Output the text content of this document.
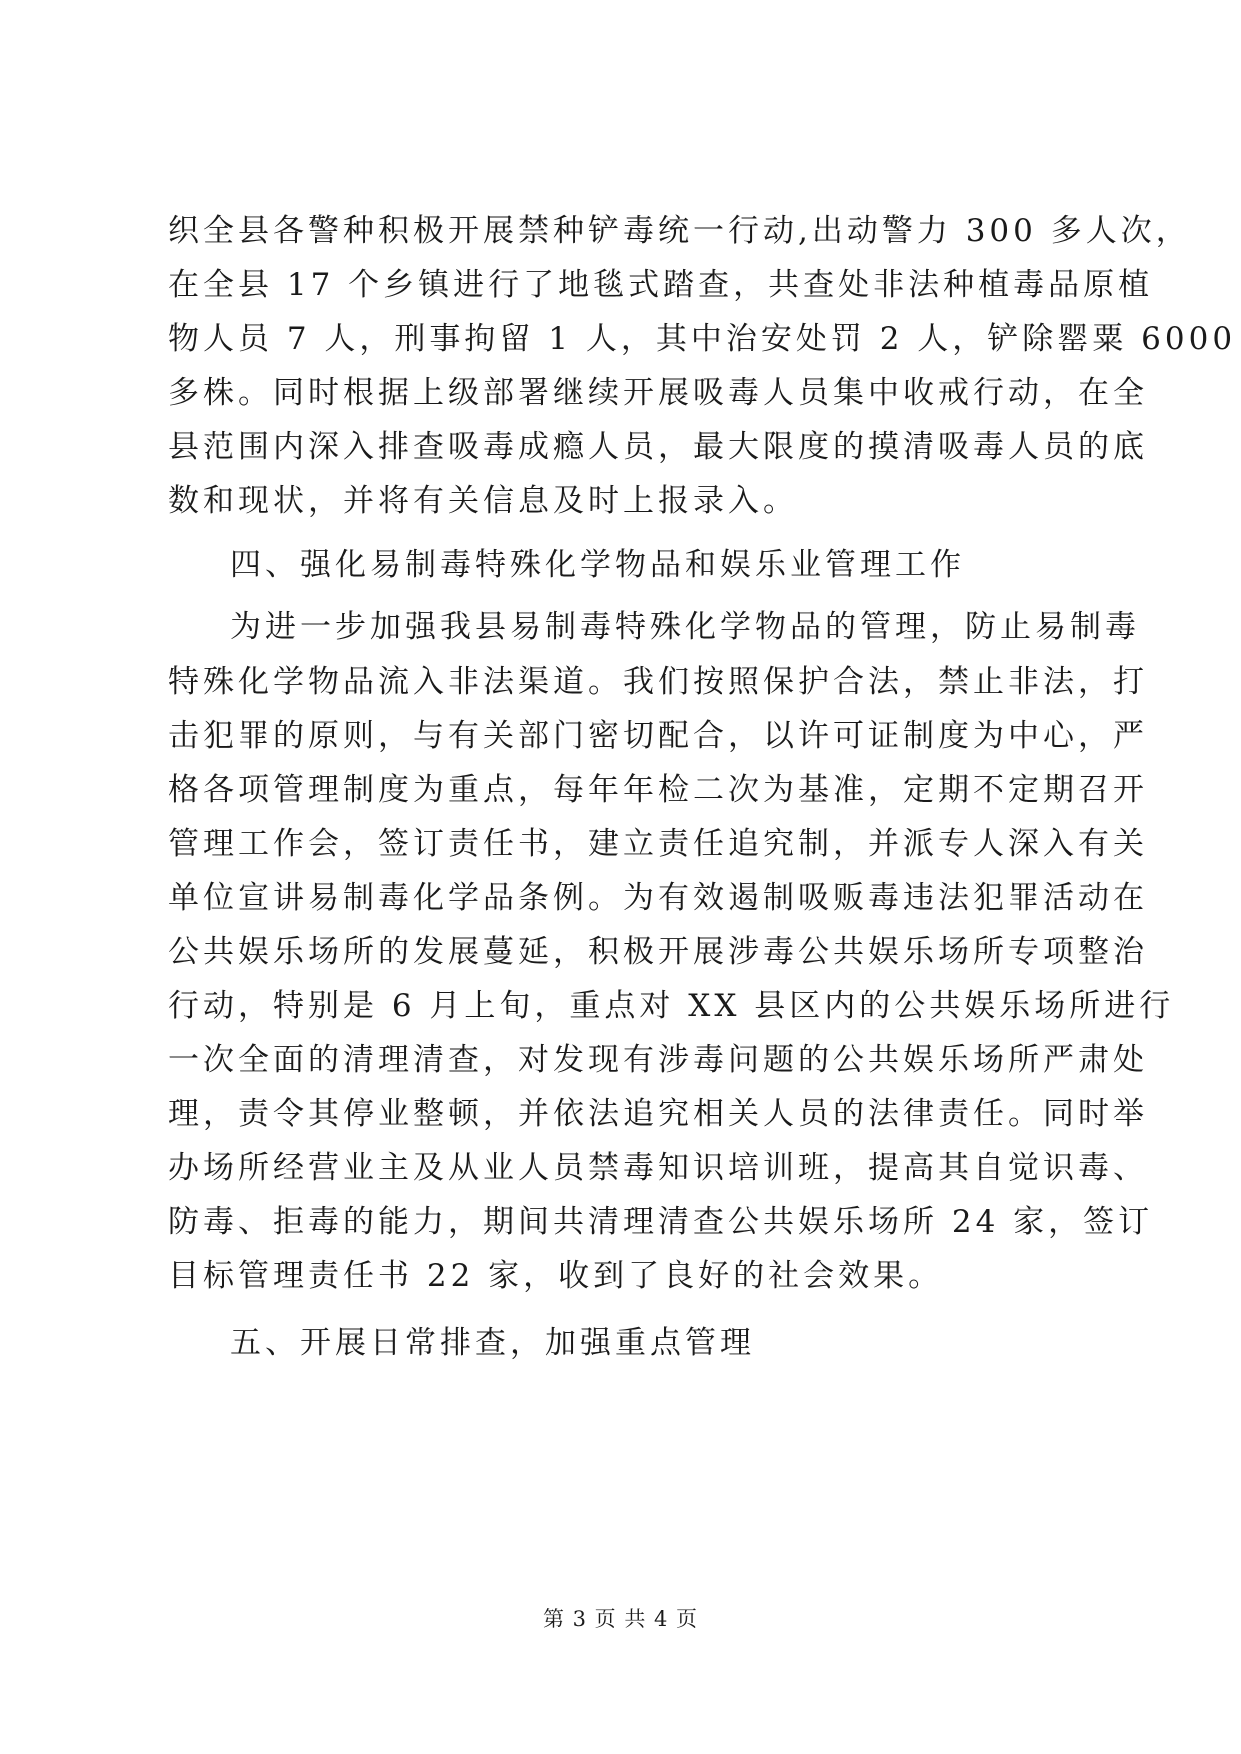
织全县各警种积极开展禁种铲毒统一行动,出动警力 300 多人次，
在全县 17 个乡镇进行了地毯式踏查，共查处非法种植毒品原植
物人员 7 人，刑事拘留 1 人，其中治安处罚 2 人，铲除罂粟 6000
多株。同时根据上级部署继续开展吸毒人员集中收戒行动，在全
县范围内深入排查吸毒成瘾人员，最大限度的摸清吸毒人员的底
数和现状，并将有关信息及时上报录入。
四、强化易制毒特殊化学物品和娱乐业管理工作
为进一步加强我县易制毒特殊化学物品的管理，防止易制毒
特殊化学物品流入非法渠道。我们按照保护合法，禁止非法，打
击犯罪的原则，与有关部门密切配合，以许可证制度为中心，严
格各项管理制度为重点，每年年检二次为基准，定期不定期召开
管理工作会，签订责任书，建立责任追究制，并派专人深入有关
单位宣讲易制毒化学品条例。为有效遏制吸贩毒违法犯罪活动在
公共娱乐场所的发展蔓延，积极开展涉毒公共娱乐场所专项整治
行动，特别是 6 月上旬，重点对 XX 县区内的公共娱乐场所进行
一次全面的清理清查，对发现有涉毒问题的公共娱乐场所严肃处
理，责令其停业整顿，并依法追究相关人员的法律责任。同时举
办场所经营业主及从业人员禁毒知识培训班，提高其自觉识毒、
防毒、拒毒的能力，期间共清理清查公共娱乐场所 24 家，签订
目标管理责任书 22 家，收到了良好的社会效果。
五、开展日常排查，加强重点管理
第 3 页 共 4 页
